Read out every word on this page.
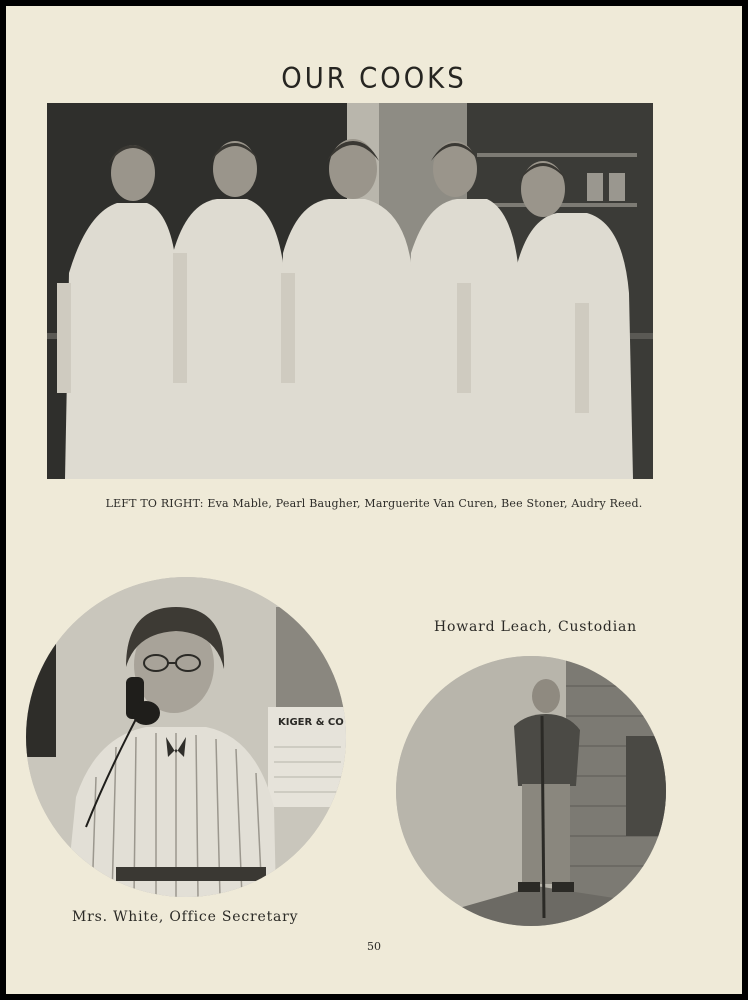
OUR COOKS
LEFT TO RIGHT: Eva Mable, Pearl Baugher, Marguerite Van Curen, Bee Stoner, Audry Reed.
KIGER & CO
Howard Leach, Custodian
Mrs. White, Office Secretary
50
